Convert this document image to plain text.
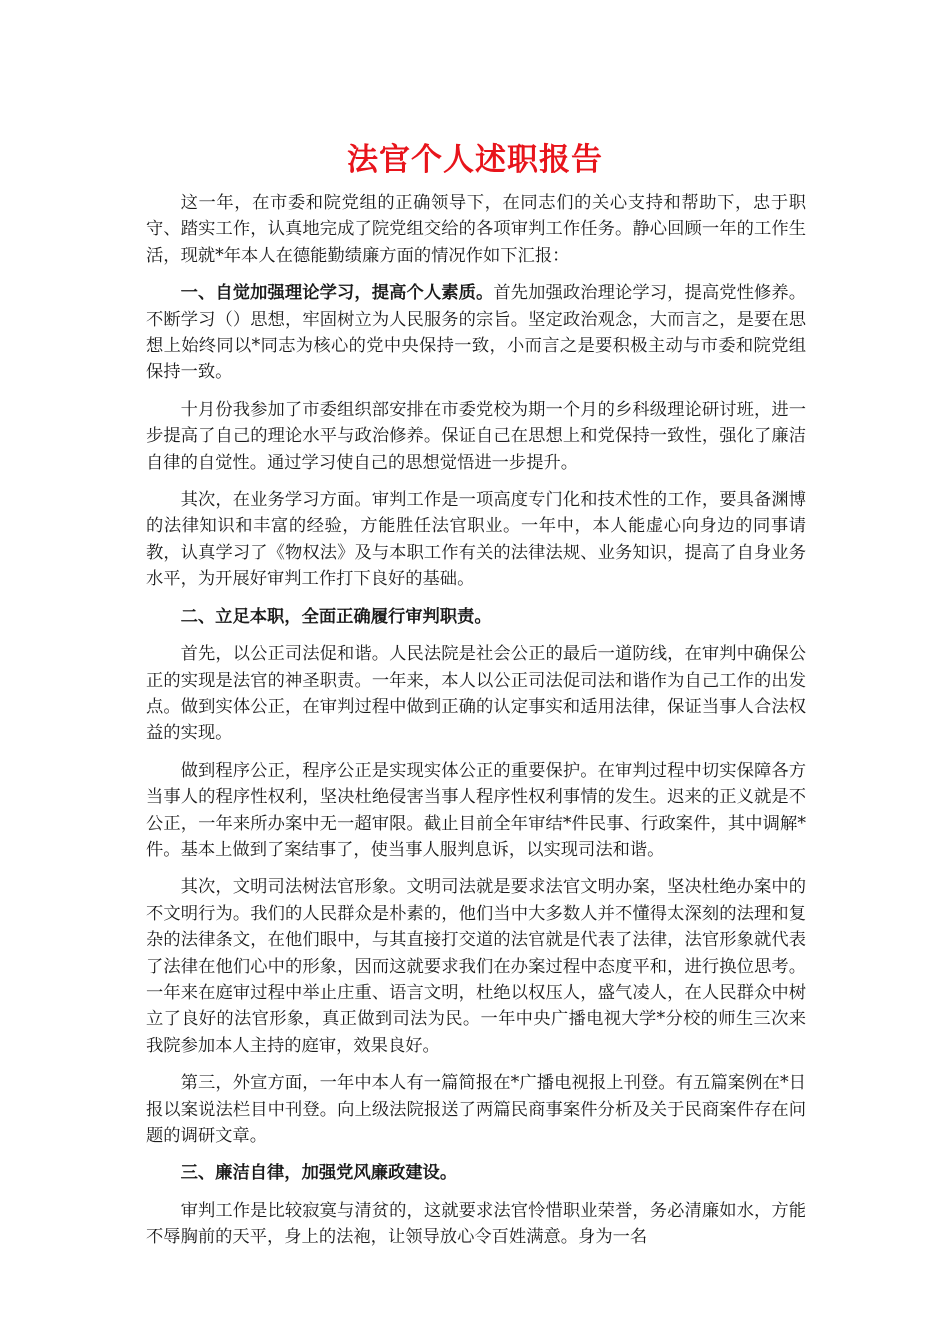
法官个人述职报告

这一年，在市委和院党组的正确领导下，在同志们的关心支持和帮助下，忠于职守、踏实工作，认真地完成了院党组交给的各项审判工作任务。静心回顾一年的工作生活，现就*年本人在德能勤绩廉方面的情况作如下汇报：

一、自觉加强理论学习，提高个人素质。首先加强政治理论学习，提高党性修养。不断学习（）思想，牢固树立为人民服务的宗旨。坚定政治观念，大而言之，是要在思想上始终同以*同志为核心的党中央保持一致，小而言之是要积极主动与市委和院党组保持一致。

十月份我参加了市委组织部安排在市委党校为期一个月的乡科级理论研讨班，进一步提高了自己的理论水平与政治修养。保证自己在思想上和党保持一致性，强化了廉洁自律的自觉性。通过学习使自己的思想觉悟进一步提升。

其次，在业务学习方面。审判工作是一项高度专门化和技术性的工作，要具备渊博的法律知识和丰富的经验，方能胜任法官职业。一年中，本人能虚心向身边的同事请教，认真学习了《物权法》及与本职工作有关的法律法规、业务知识，提高了自身业务水平，为开展好审判工作打下良好的基础。

二、立足本职，全面正确履行审判职责。

首先，以公正司法促和谐。人民法院是社会公正的最后一道防线，在审判中确保公正的实现是法官的神圣职责。一年来，本人以公正司法促司法和谐作为自己工作的出发点。做到实体公正，在审判过程中做到正确的认定事实和适用法律，保证当事人合法权益的实现。

做到程序公正，程序公正是实现实体公正的重要保护。在审判过程中切实保障各方当事人的程序性权利，坚决杜绝侵害当事人程序性权利事情的发生。迟来的正义就是不公正，一年来所办案中无一超审限。截止目前全年审结*件民事、行政案件，其中调解*件。基本上做到了案结事了，使当事人服判息诉，以实现司法和谐。

其次，文明司法树法官形象。文明司法就是要求法官文明办案，坚决杜绝办案中的不文明行为。我们的人民群众是朴素的，他们当中大多数人并不懂得太深刻的法理和复杂的法律条文，在他们眼中，与其直接打交道的法官就是代表了法律，法官形象就代表了法律在他们心中的形象，因而这就要求我们在办案过程中态度平和，进行换位思考。一年来在庭审过程中举止庄重、语言文明，杜绝以权压人，盛气凌人，在人民群众中树立了良好的法官形象，真正做到司法为民。一年中央广播电视大学*分校的师生三次来我院参加本人主持的庭审，效果良好。

第三，外宣方面，一年中本人有一篇简报在*广播电视报上刊登。有五篇案例在*日报以案说法栏目中刊登。向上级法院报送了两篇民商事案件分析及关于民商案件存在问题的调研文章。

三、廉洁自律，加强党风廉政建设。

审判工作是比较寂寞与清贫的，这就要求法官怜惜职业荣誉，务必清廉如水，方能不辱胸前的天平，身上的法袍，让领导放心令百姓满意。身为一名
